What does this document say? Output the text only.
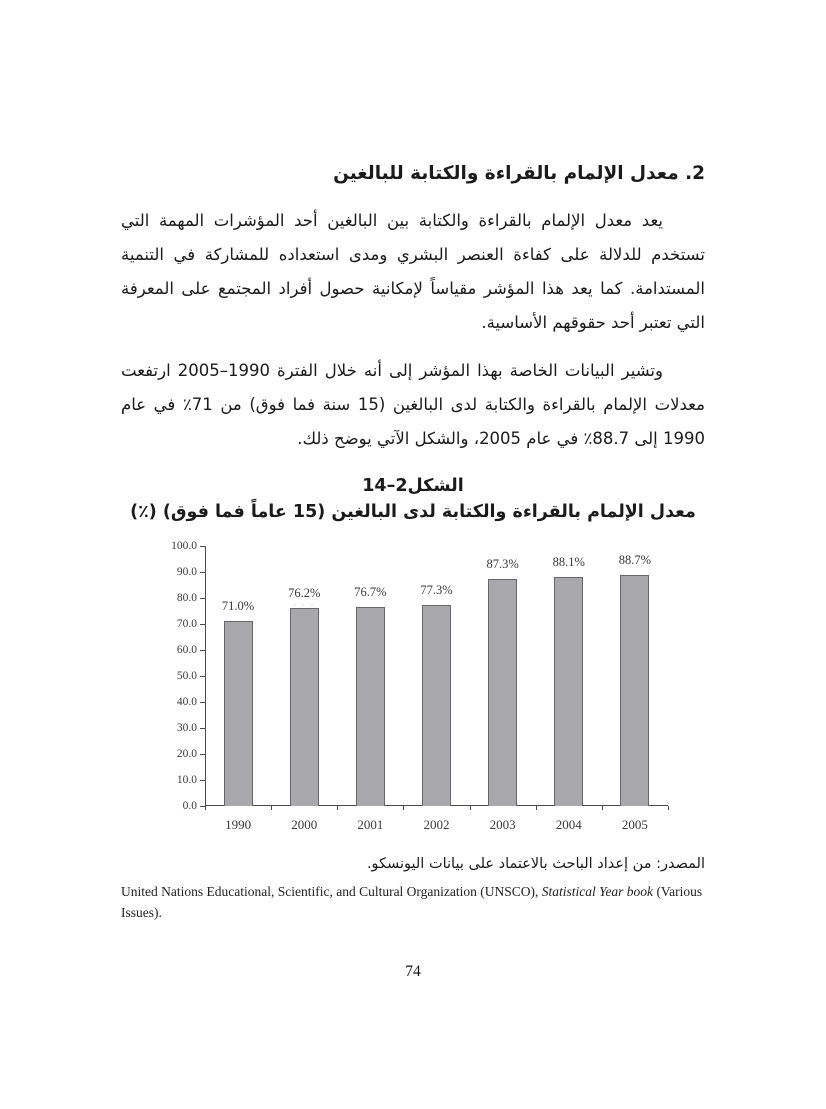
2. معدل الإلمام بالقراءة والكتابة للبالغين

يعد معدل الإلمام بالقراءة والكتابة بين البالغين أحد المؤشرات المهمة التي تستخدم للدلالة على كفاءة العنصر البشري ومدى استعداده للمشاركة في التنمية المستدامة. كما يعد هذا المؤشر مقياساً لإمكانية حصول أفراد المجتمع على المعرفة التي تعتبر أحد حقوقهم الأساسية.

وتشير البيانات الخاصة بهذا المؤشر إلى أنه خلال الفترة 1990–2005 ارتفعت معدلات الإلمام بالقراءة والكتابة لدى البالغين (15 سنة فما فوق) من 71٪ في عام 1990 إلى 88.7٪ في عام 2005، والشكل الآتي يوضح ذلك.

الشكل2–14
معدل الإلمام بالقراءة والكتابة لدى البالغين (15 عاماً فما فوق) (٪)
0.0
10.0
20.0
30.0
40.0
50.0
60.0
70.0
80.0
90.0
100.0
71.0%
1990
76.2%
- - -
2000
76.7%
2001
77.3%
2002
87.3%
2003
88.1%
2004
88.7%
2005
المصدر: من إعداد الباحث بالاعتماد على بيانات اليونسكو.
United Nations Educational, Scientific, and Cultural Organization (UNSCO), Statistical Year book (Various Issues).
74
